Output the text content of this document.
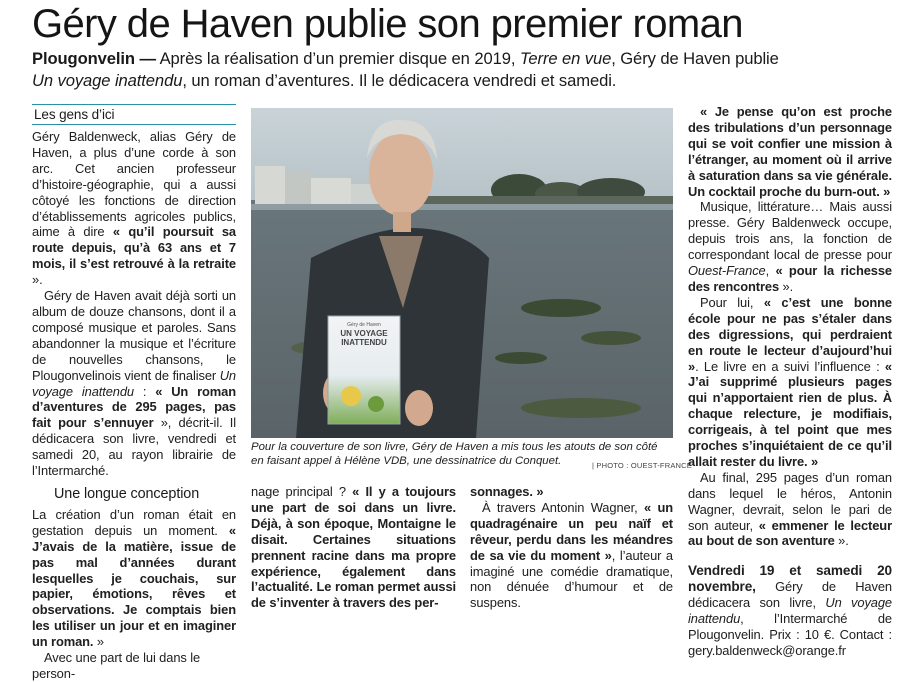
Géry de Haven publie son premier roman
Plougonvelin — Après la réalisation d’un premier disque en 2019, Terre en vue, Géry de Haven publie
Un voyage inattendu, un roman d’aventures. Il le dédicacera vendredi et samedi.
Les gens d’ici

Géry Baldenweck, alias Géry de Haven, a plus d’une corde à son arc. Cet ancien professeur d’histoire-géographie, qui a aussi côtoyé les fonctions de direction d’établissements agricoles publics, aime à dire « qu’il poursuit sa route depuis, qu’à 63 ans et 7 mois, il s’est retrouvé à la retraite ».

Géry de Haven avait déjà sorti un album de douze chansons, dont il a composé musique et paroles. Sans abandonner la musique et l’écriture de nouvelles chansons, le Plougonvelinois vient de finaliser Un voyage inattendu : « Un roman d’aventures de 295 pages, pas fait pour s’ennuyer », décrit-il. Il dédicacera son livre, vendredi et samedi 20, au rayon librairie de l’Intermarché.

Une longue conception

La création d’un roman était en gestation depuis un moment. « J’avais de la matière, issue de pas mal d’années durant lesquelles je couchais, sur papier, émotions, rêves et observations. Je comptais bien les utiliser un jour et en imaginer un roman. »

Avec une part de lui dans le person-

Géry de Haven
UN VOYAGE
INATTENDU
Pour la couverture de son livre, Géry de Haven a mis tous les atouts de son côté en faisant appel à Hélène VDB, une dessinatrice du Conquet.	| PHOTO : OUEST-FRANCE

nage principal ? « Il y a toujours une part de soi dans un livre. Déjà, à son époque, Montaigne le disait. Certaines situations prennent racine dans ma propre expérience, également dans l’actualité. Le roman permet aussi de s’inventer à travers des per-

sonnages. »

À travers Antonin Wagner, « un quadragénaire un peu naïf et rêveur, perdu dans les méandres de sa vie du moment », l’auteur a imaginé une comédie dramatique, non dénuée d’humour et de suspens.

« Je pense qu’on est proche des tribulations d’un personnage qui se voit confier une mission à l’étranger, au moment où il arrive à saturation dans sa vie générale. Un cocktail proche du burn-out. »

Musique, littérature… Mais aussi presse. Géry Baldenweck occupe, depuis trois ans, la fonction de correspondant local de presse pour Ouest-France, « pour la richesse des rencontres ».

Pour lui, « c’est une bonne école pour ne pas s’étaler dans des digressions, qui perdraient en route le lecteur d’aujourd’hui ». Le livre en a suivi l’influence : « J’ai supprimé plusieurs pages qui n’apportaient rien de plus. À chaque relecture, je modifiais, corrigeais, à tel point que mes proches s’inquiétaient de ce qu’il allait rester du livre. »

Au final, 295 pages d’un roman dans lequel le héros, Antonin Wagner, devrait, selon le pari de son auteur, « emmener le lecteur au bout de son aventure ».

Vendredi 19 et samedi 20 novembre, Géry de Haven dédicacera son livre, Un voyage inattendu, l’Intermarché de Plougonvelin. Prix : 10 €. Contact : gery.baldenweck@orange.fr
